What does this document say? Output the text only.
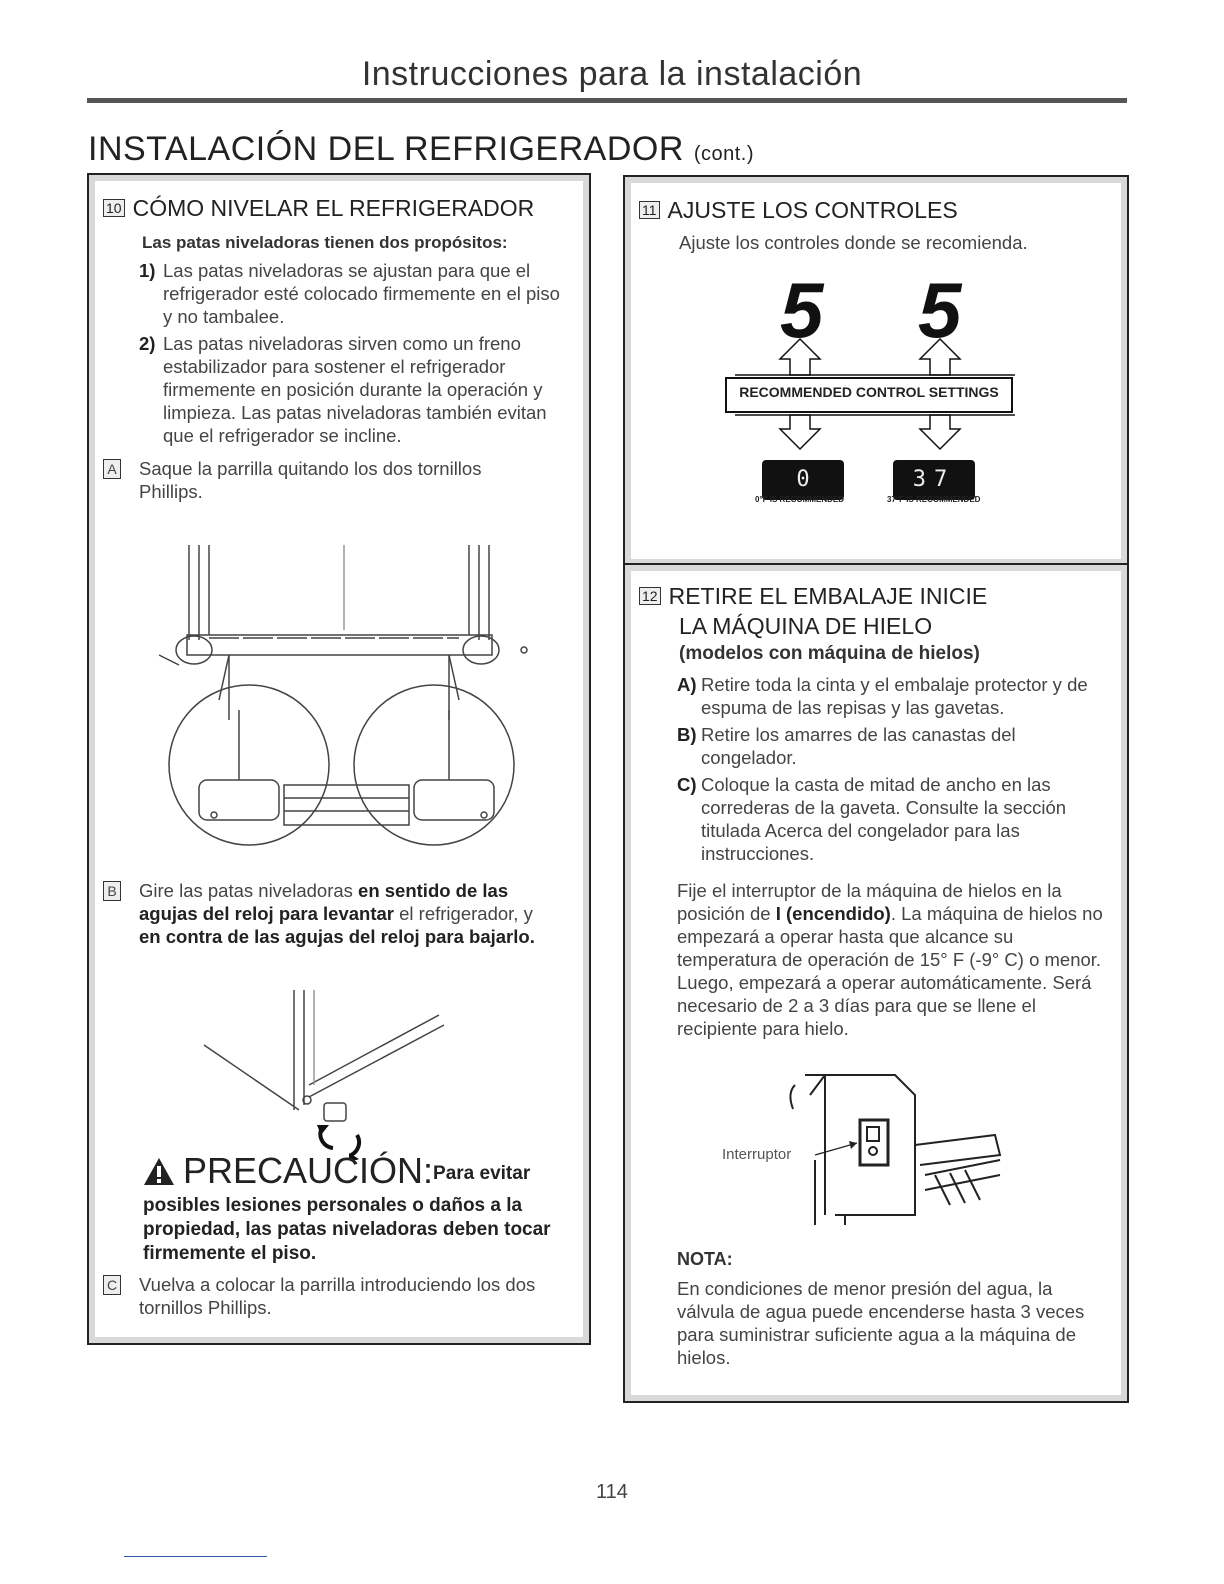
Instrucciones para la instalación
INSTALACIÓN DEL REFRIGERADOR (cont.)
10 CÓMO NIVELAR EL REFRIGERADOR
Las patas niveladoras tienen dos propósitos:
1) Las patas niveladoras se ajustan para que el refrigerador esté colocado firmemente en el piso y no tambalee.
2) Las patas niveladoras sirven como un freno estabilizador para sostener el refrigerador firmemente en posición durante la operación y limpieza. Las patas niveladoras también evitan que el refrigerador se incline.
A Saque la parrilla quitando los dos tornillos Phillips.
B Gire las patas niveladoras en sentido de las agujas del reloj para levantar el refrigerador, y en contra de las agujas del reloj para bajarlo.
PRECAUCIÓN: Para evitar
posibles lesiones personales o daños a la propiedad, las patas niveladoras deben tocar firmemente el piso.
C Vuelva a colocar la parrilla introduciendo los dos tornillos Phillips.
11 AJUSTE LOS CONTROLES
Ajuste los controles donde se recomienda.
5 5
RECOMMENDED CONTROL SETTINGS
0	37
0°F IS RECOMMENDED	37°F IS RECOMMENDED
12 RETIRE EL EMBALAJE INICIE
LA MÁQUINA DE HIELO
(modelos con máquina de hielos)
A) Retire toda la cinta y el embalaje protector y de espuma de las repisas y las gavetas.
B) Retire los amarres de las canastas del congelador.
C) Coloque la casta de mitad de ancho en las correderas de la gaveta. Consulte la sección titulada Acerca del congelador para las instrucciones.
Fije el interruptor de la máquina de hielos en la posición de I (encendido). La máquina de hielos no empezará a operar hasta que alcance su temperatura de operación de 15° F (-9° C) o menor. Luego, empezará a operar automáticamente. Será necesario de 2 a 3 días para que se llene el recipiente para hielo.
Interruptor
NOTA:
En condiciones de menor presión del agua, la válvula de agua puede encenderse hasta 3 veces para suministrar suficiente agua a la máquina de hielos.
114
